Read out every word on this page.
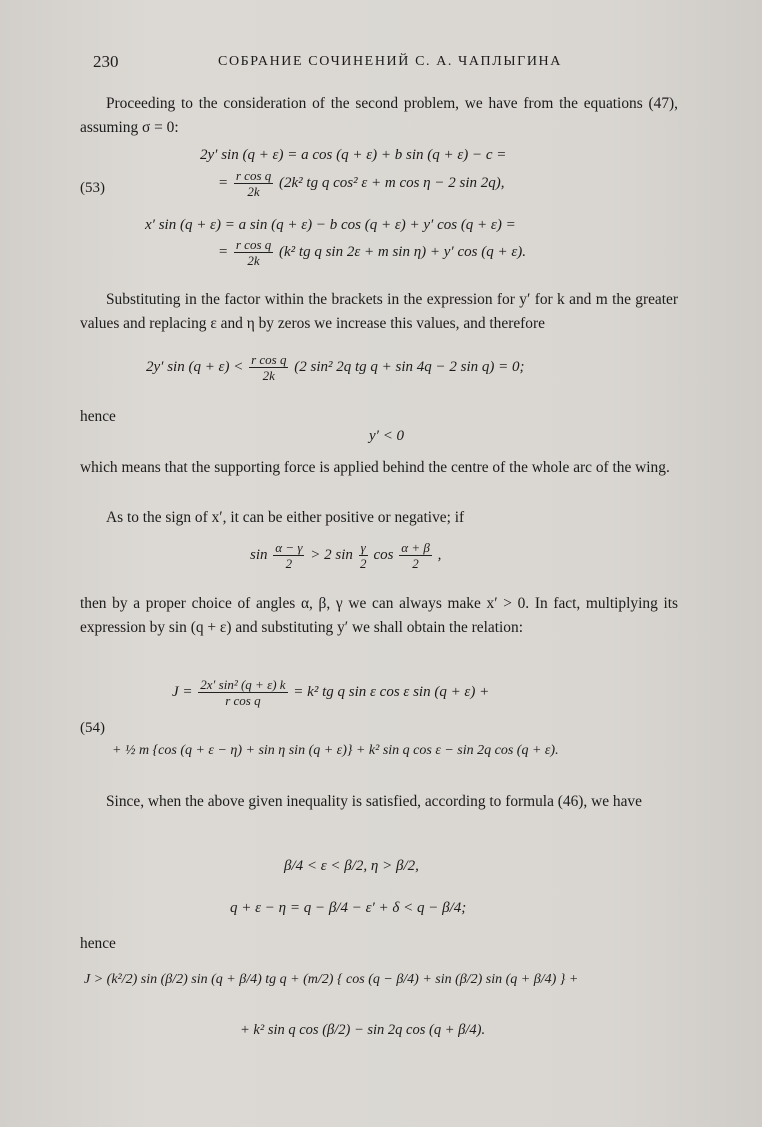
230	СОБРАНИЕ СОЧИНЕНИЙ С. А. ЧАПЛЫГИНА
Proceeding to the consideration of the second problem, we have from the equations (47), assuming σ = 0:
2y′ sin (q + ε) = a cos (q + ε) + b sin (q + ε) − c =
(53)	= $\frac{\text{r cos q}}{2k} (2k^2$ tg q cos² ε + m cos η − 2 sin 2q),
x′ sin (q + ε) = a sin (q + ε) − b cos (q + ε) + y′ cos (q + ε) =
= $\frac{\text{r cos q}}{2k} (k^2$ tg q sin 2ε + m sin η) + y′ cos (q + ε).
Substituting in the factor within the brackets in the expression for y′ for k and m the greater values and replacing ε and η by zeros we increase this values, and therefore
2y′ $\sin (q + \varepsilon) < \frac{\text{r cos q}}{2k} (2$ sin² 2q tg q + sin 4q − 2 sin q) = 0;
hence
y′ < 0
which means that the supporting force is applied behind the centre of the whole arc of the wing.
As to the sign of x′, it can be either positive or negative; if
$\sin \frac{\alpha - \gamma}{2} > 2$ $\sin \frac{\gamma}{2}$ $\cos \frac{\alpha + \beta}{2}$ ,
then by a proper choice of angles α, β, γ we can always make x′ > 0. In fact, multiplying its expression by sin (q + ε) and substituting y′ we shall obtain the relation:
$J = \frac{\text{2x′ sin² (q + ε) k}}{\text{r cos q}} = k^2$ tg q sin ε cos ε sin (q + ε) +
(54)
+ ½ m {cos (q + ε − η) + sin η sin (q + ε)} + k² sin q cos ε − sin 2q cos (q + ε).
Since, when the above given inequality is satisfied, according to formula (46), we have
β/4 < ε < β/2, η > β/2,
q + ε − η = q − β/4 − ε′ + δ < q − β/4;
hence
J > (k²/2) sin (β/2) sin (q + β/4) tg q + (m/2) { cos (q − β/4) + sin (β/2) sin (q + β/4) } +
+ k² sin q cos (β/2) − sin 2q cos (q + β/4).
